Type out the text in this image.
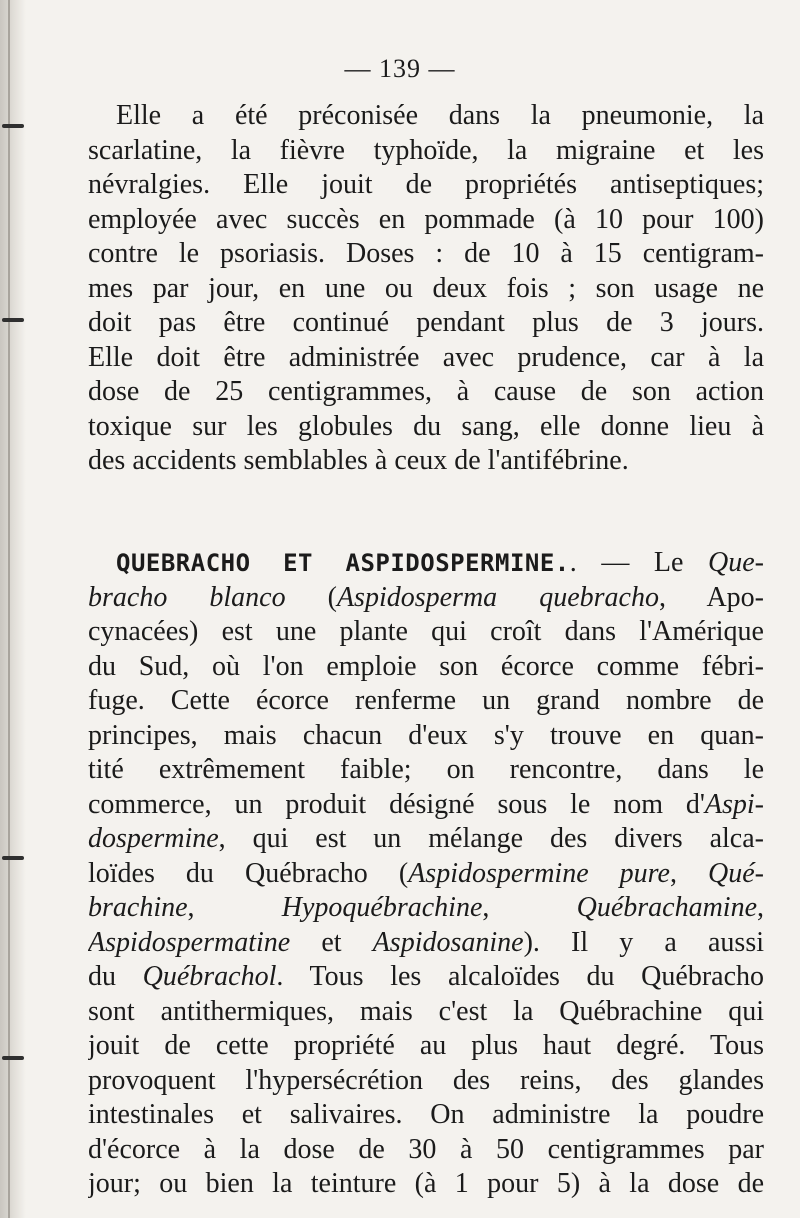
— 139 —
Elle a été préconisée dans la pneumonie, la
scarlatine, la fièvre typhoïde, la migraine et les
névralgies. Elle jouit de propriétés antiseptiques;
employée avec succès en pommade (à 10 pour 100)
contre le psoriasis. Doses : de 10 à 15 centigram-
mes par jour, en une ou deux fois ; son usage ne
doit pas être continué pendant plus de 3 jours.
Elle doit être administrée avec prudence, car à la
dose de 25 centigrammes, à cause de son action
toxique sur les globules du sang, elle donne lieu à
des accidents semblables à ceux de l'antifébrine.
QUEBRACHO ET ASPIDOSPERMINE.. — Le Que-
bracho blanco (Aspidosperma quebracho, Apo-
cynacées) est une plante qui croît dans l'Amérique
du Sud, où l'on emploie son écorce comme fébri-
fuge. Cette écorce renferme un grand nombre de
principes, mais chacun d'eux s'y trouve en quan-
tité extrêmement faible; on rencontre, dans le
commerce, un produit désigné sous le nom d'Aspi-
dospermine, qui est un mélange des divers alca-
loïdes du Québracho (Aspidospermine pure, Qué-
brachine, Hypoquébrachine, Québrachamine,
Aspidospermatine et Aspidosanine). Il y a aussi
du Québrachol. Tous les alcaloïdes du Québracho
sont antithermiques, mais c'est la Québrachine qui
jouit de cette propriété au plus haut degré. Tous
provoquent l'hypersécrétion des reins, des glandes
intestinales et salivaires. On administre la poudre
d'écorce à la dose de 30 à 50 centigrammes par
jour; ou bien la teinture (à 1 pour 5) à la dose de
